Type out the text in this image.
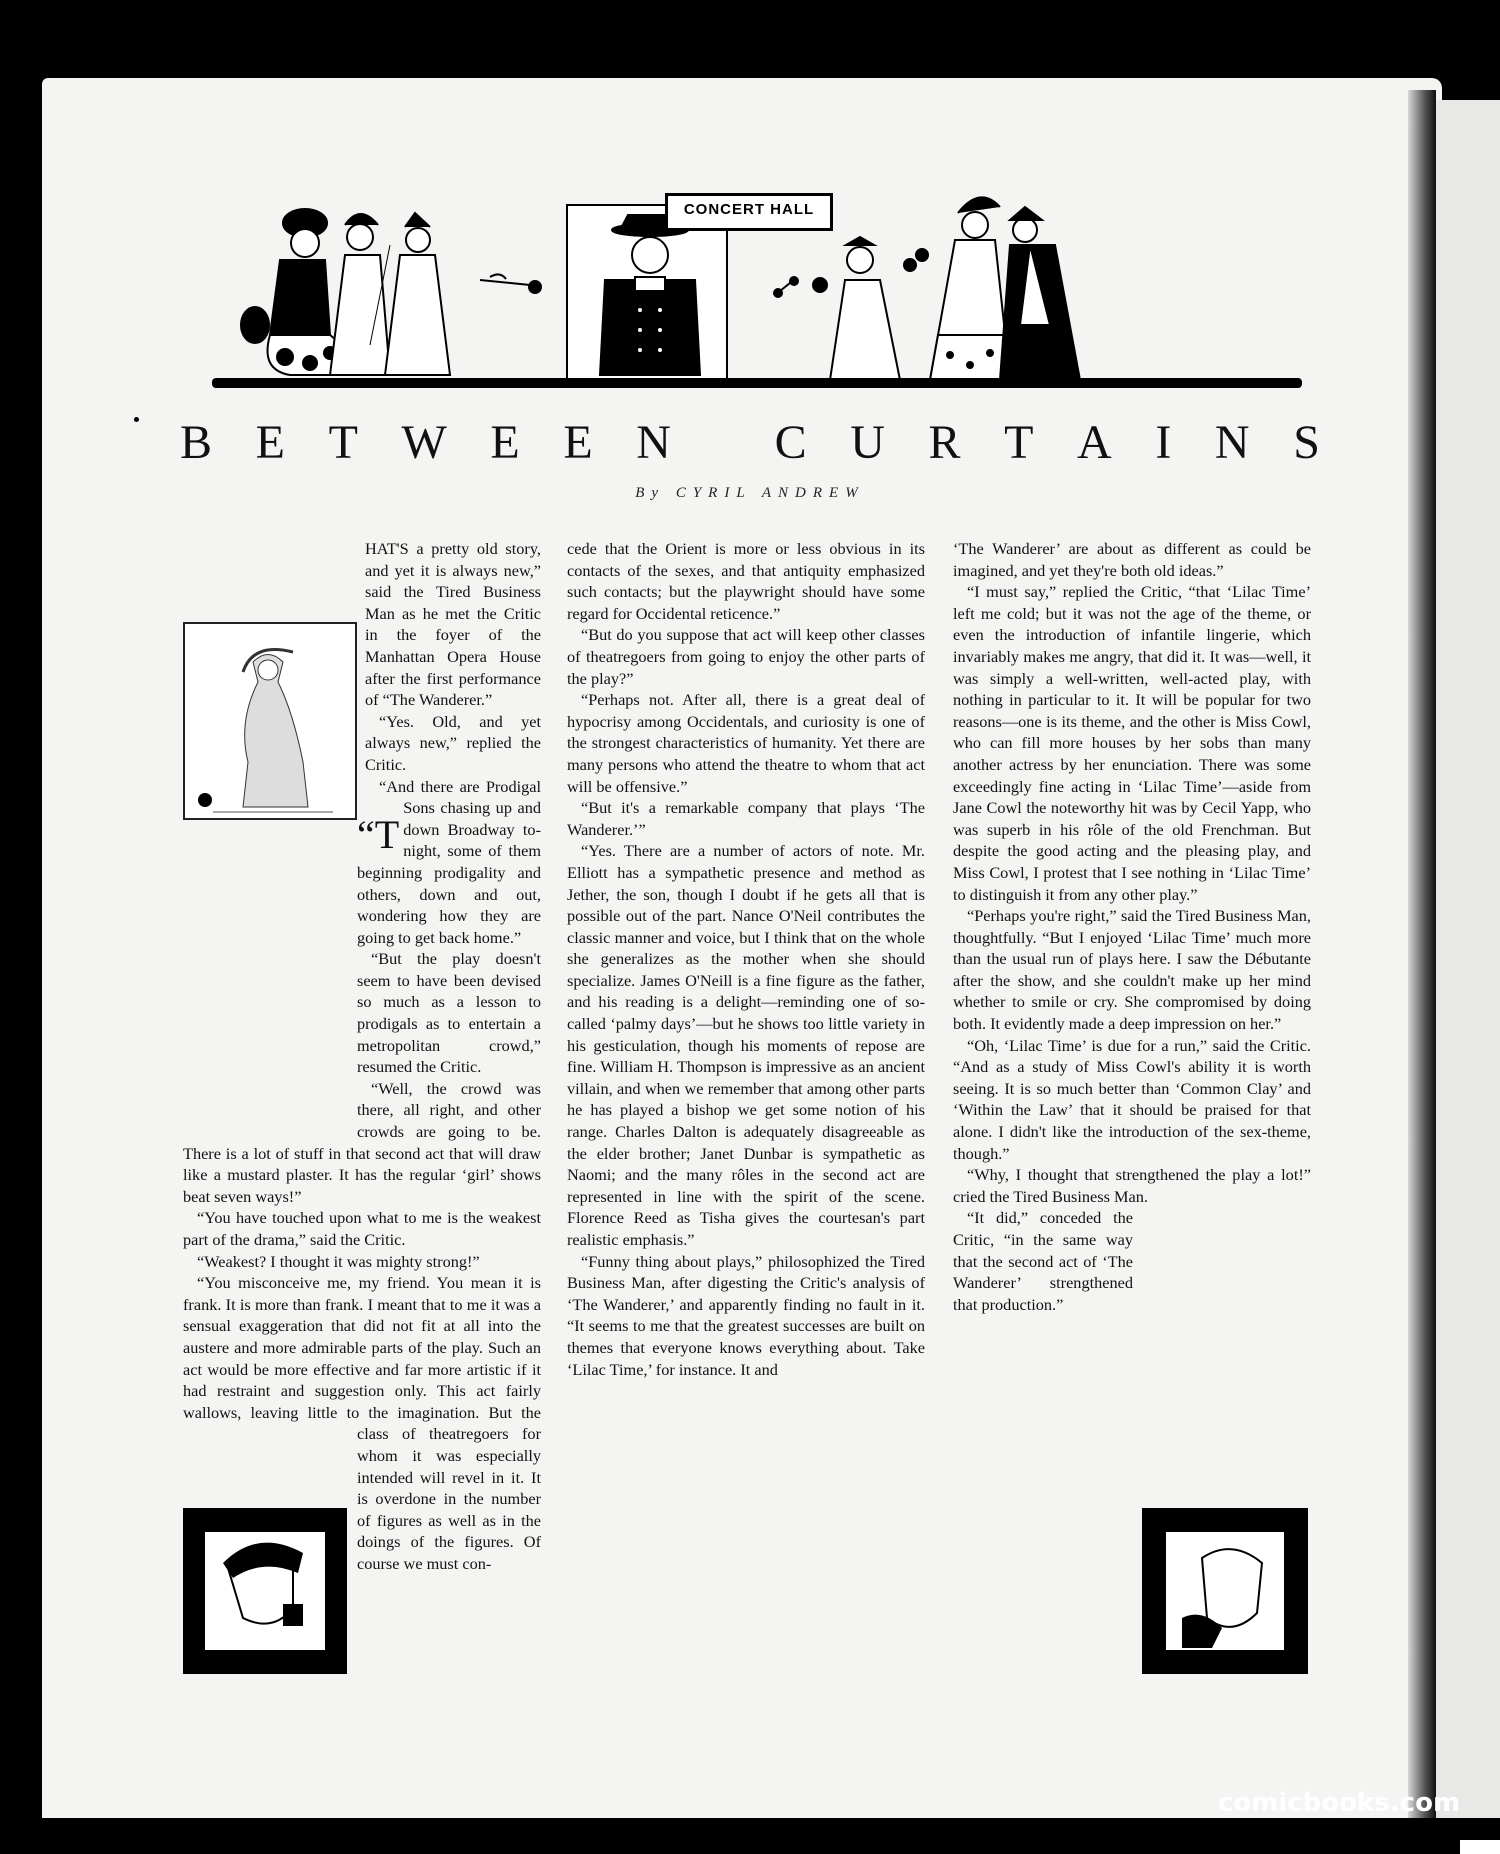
CONCERT HALL
B E T W E E N C U R T A I N S
By CYRIL ANDREW

“T
HAT'S a pretty old story, and yet it is always new,” said the Tired Business Man as he met the Critic in the foyer of the Manhattan Opera House after the first performance of “The Wanderer.”

“Yes. Old, and yet always new,” replied the Critic.

“And there are Prodigal Sons chasing up and down Broadway to-night, some of them beginning prodigality and others, down and out, wondering how they are going to get back home.”

“But the play doesn't seem to have been devised so much as a lesson to prodigals as to entertain a metropolitan crowd,” resumed the Critic.

“Well, the crowd was there, all right, and other crowds are going to be. There is a lot of stuff in that second act that will draw like a mustard plaster. It has the regular ‘girl’ shows beat seven ways!”

“You have touched upon what to me is the weakest part of the drama,” said the Critic.

“Weakest? I thought it was mighty strong!”

“You misconceive me, my friend. You mean it is frank. It is more than frank. I meant that to me it was a sensual exaggeration that did not fit at all into the austere and more admirable parts of the play. Such an act would be more effective and far more artistic if it had restraint and suggestion only. This act fairly wallows, leaving little to the imagination.
But the class of theatregoers for whom it was especially intended will revel in it. It is overdone in the number of figures as well as in the doings of the figures. Of course we must con-

cede that the Orient is more or less obvious in its contacts of the sexes, and that antiquity emphasized such contacts; but the playwright should have some regard for Occidental reticence.”

“But do you suppose that act will keep other classes of theatregoers from going to enjoy the other parts of the play?”

“Perhaps not. After all, there is a great deal of hypocrisy among Occidentals, and curiosity is one of the strongest characteristics of humanity. Yet there are many persons who attend the theatre to whom that act will be offensive.”

“But it's a remarkable company that plays ‘The Wanderer.’”

“Yes. There are a number of actors of note. Mr. Elliott has a sympathetic presence and method as Jether, the son, though I doubt if he gets all that is possible out of the part. Nance O'Neil contributes the classic manner and voice, but I think that on the whole she generalizes as the mother when she should specialize. James O'Neill is a fine figure as the father, and his reading is a delight—reminding one of so-called ‘palmy days’—but he shows too little variety in his gesticulation, though his moments of repose are fine. William H. Thompson is impressive as an ancient villain, and when we remember that among other parts he has played a bishop we get some notion of his range. Charles Dalton is adequately disagreeable as the elder brother; Janet Dunbar is sympathetic as Naomi; and the many rôles in the second act are represented in line with the spirit of the scene. Florence Reed as Tisha gives the courtesan's part realistic emphasis.”

“Funny thing about plays,” philosophized the Tired Business Man, after digesting the Critic's analysis of ‘The Wanderer,’ and apparently finding no fault in it. “It seems to me that the greatest successes are built on themes that everyone knows everything about. Take ‘Lilac Time,’ for instance. It and

‘The Wanderer’ are about as different as could be imagined, and yet they're both old ideas.”

“I must say,” replied the Critic, “that ‘Lilac Time’ left me cold; but it was not the age of the theme, or even the introduction of infantile lingerie, which invariably makes me angry, that did it. It was—well, it was simply a well-written, well-acted play, with nothing in particular to it. It will be popular for two reasons—one is its theme, and the other is Miss Cowl, who can fill more houses by her sobs than many another actress by her enunciation. There was some exceedingly fine acting in ‘Lilac Time’—aside from Jane Cowl the noteworthy hit was by Cecil Yapp, who was superb in his rôle of the old Frenchman. But despite the good acting and the pleasing play, and Miss Cowl, I protest that I see nothing in ‘Lilac Time’ to distinguish it from any other play.”

“Perhaps you're right,” said the Tired Business Man, thoughtfully. “But I enjoyed ‘Lilac Time’ much more than the usual run of plays here. I saw the Débutante after the show, and she couldn't make up her mind whether to smile or cry. She compromised by doing both. It evidently made a deep impression on her.”

“Oh, ‘Lilac Time’ is due for a run,” said the Critic. “And as a study of Miss Cowl's ability it is worth seeing. It is so much better than ‘Common Clay’ and ‘Within the Law’ that it should be praised for that alone. I didn't like the introduction of the sex-theme, though.”

“Why, I thought that strengthened the play a lot!” cried the Tired Business Man.

“It did,” conceded the Critic, “in the same way that the second act of ‘The Wanderer’ strengthened that production.”

comicbooks.com
